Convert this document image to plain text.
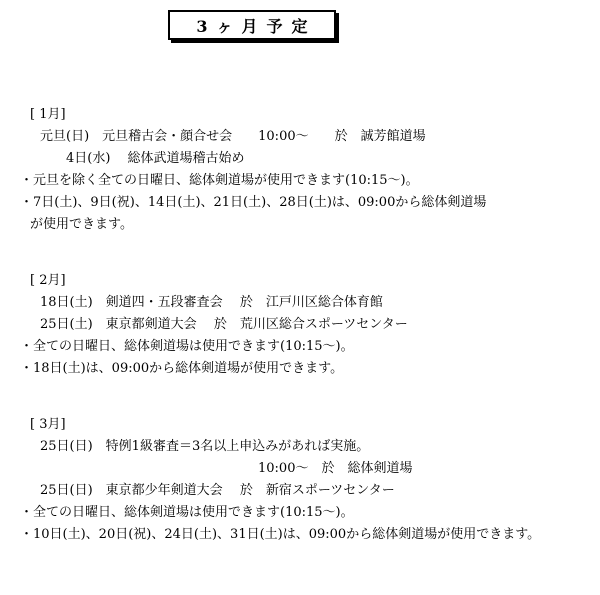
3ヶ月予定
[ 1月]
元旦(日)　元旦稽古会・顔合せ会　　10:00～　　於　誠芳館道場
4日(水)　 総体武道場稽古始め
・元旦を除く全ての日曜日、総体剣道場が使用できます(10:15～)。
・7日(土)、9日(祝)、14日(土)、21日(土)、28日(土)は、09:00から総体剣道場
が使用できます。
[ 2月]
18日(土)　剣道四・五段審査会　 於　江戸川区総合体育館
25日(土)　東京都剣道大会　 於　荒川区総合スポーツセンター
・全ての日曜日、総体剣道場は使用できます(10:15～)。
・18日(土)は、09:00から総体剣道場が使用できます。
[ 3月]
25日(日)　特例1級審査＝3名以上申込みがあれば実施。
10:00～　於　総体剣道場
25日(日)　東京都少年剣道大会　 於　新宿スポーツセンター
・全ての日曜日、総体剣道場は使用できます(10:15～)。
・10日(土)、20日(祝)、24日(土)、31日(土)は、09:00から総体剣道場が使用できます。
